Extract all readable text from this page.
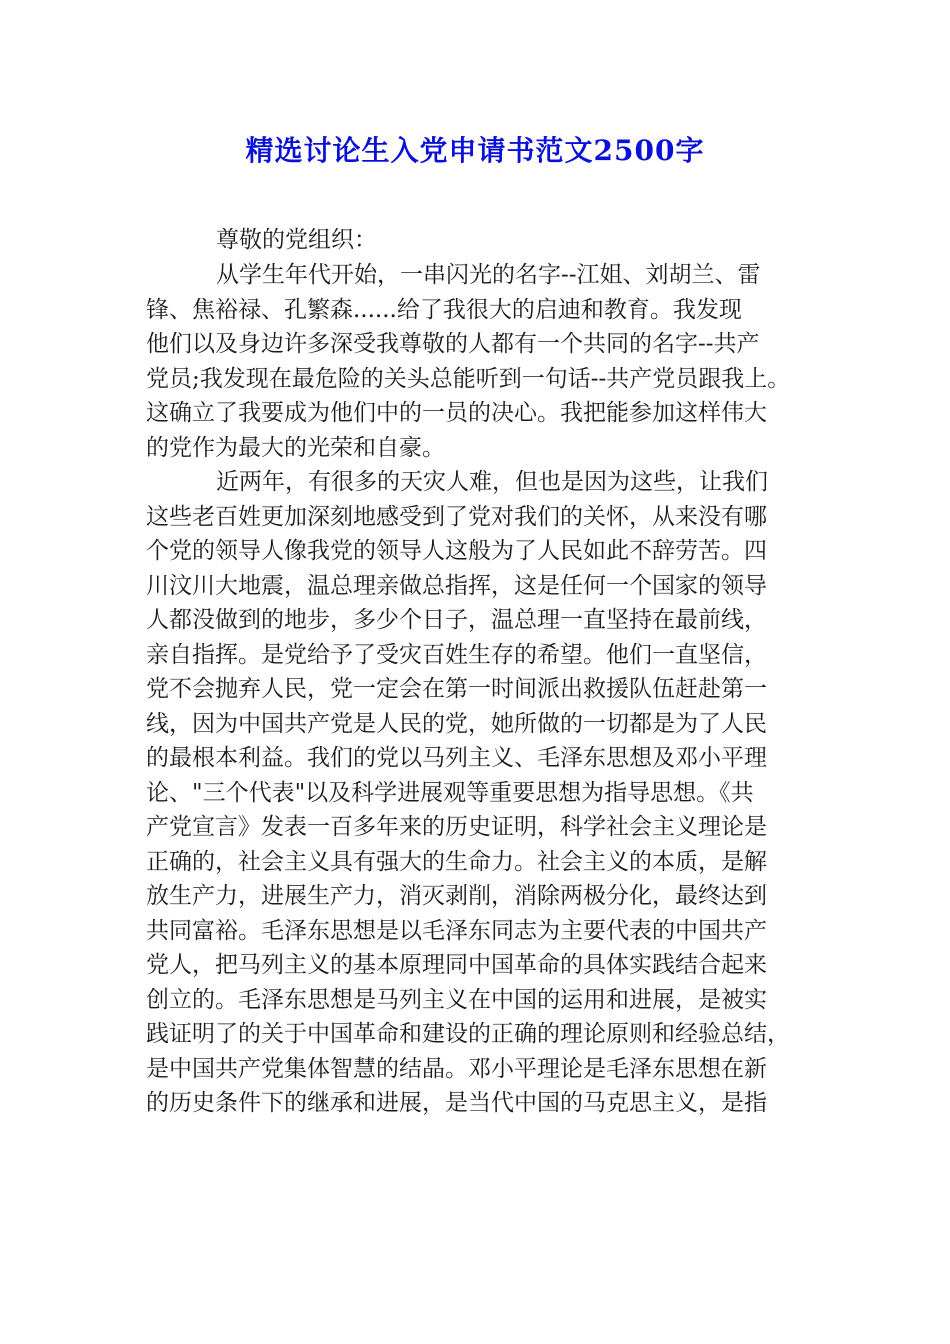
精选讨论生入党申请书范文2500字

尊敬的党组织：

从学生年代开始，一串闪光的名字--江姐、刘胡兰、雷
锋、焦裕禄、孔繁森......给了我很大的启迪和教育。我发现
他们以及身边许多深受我尊敬的人都有一个共同的名字--共产
党员;我发现在最危险的关头总能听到一句话--共产党员跟我上。
这确立了我要成为他们中的一员的决心。我把能参加这样伟大
的党作为最大的光荣和自豪。

近两年，有很多的天灾人难，但也是因为这些，让我们
这些老百姓更加深刻地感受到了党对我们的关怀，从来没有哪
个党的领导人像我党的领导人这般为了人民如此不辞劳苦。四
川汶川大地震，温总理亲做总指挥，这是任何一个国家的领导
人都没做到的地步，多少个日子，温总理一直坚持在最前线，
亲自指挥。是党给予了受灾百姓生存的希望。他们一直坚信，
党不会抛弃人民，党一定会在第一时间派出救援队伍赶赴第一
线，因为中国共产党是人民的党，她所做的一切都是为了人民
的最根本利益。我们的党以马列主义、毛泽东思想及邓小平理
论、"三个代表"以及科学进展观等重要思想为指导思想。《共
产党宣言》发表一百多年来的历史证明，科学社会主义理论是
正确的，社会主义具有强大的生命力。社会主义的本质，是解
放生产力，进展生产力，消灭剥削，消除两极分化，最终达到
共同富裕。毛泽东思想是以毛泽东同志为主要代表的中国共产
党人，把马列主义的基本原理同中国革命的具体实践结合起来
创立的。毛泽东思想是马列主义在中国的运用和进展，是被实
践证明了的关于中国革命和建设的正确的理论原则和经验总结，
是中国共产党集体智慧的结晶。邓小平理论是毛泽东思想在新
的历史条件下的继承和进展，是当代中国的马克思主义，是指
